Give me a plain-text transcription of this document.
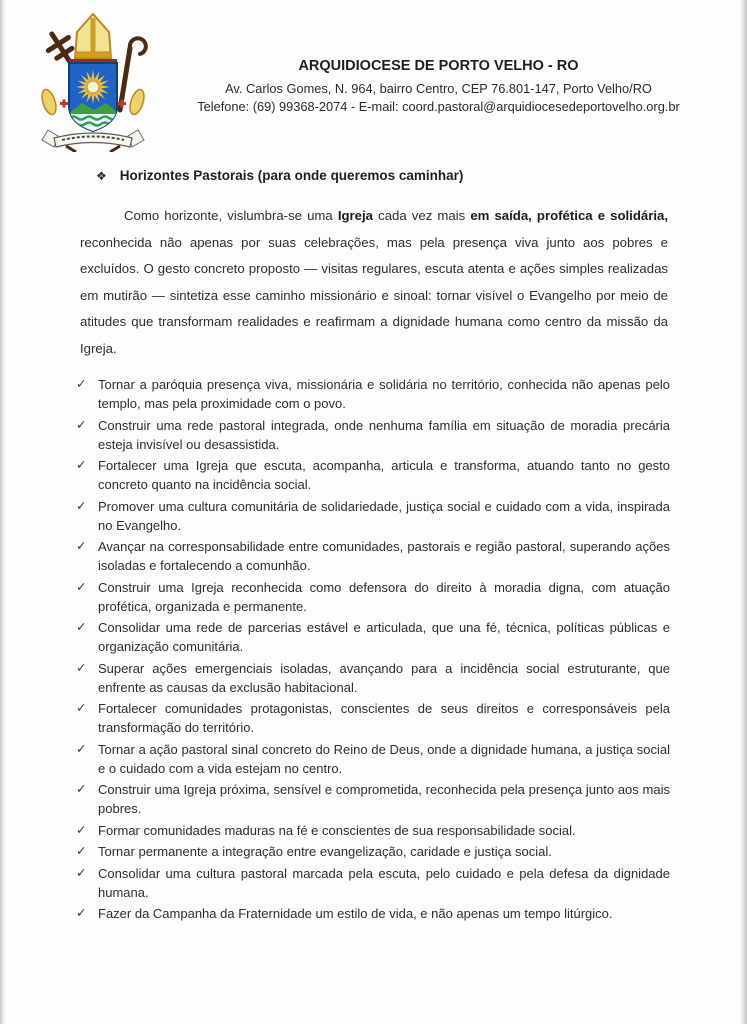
ARQUIDIOCESE DE PORTO VELHO - RO
Av. Carlos Gomes, N. 964, bairro Centro, CEP 76.801-147, Porto Velho/RO
Telefone: (69) 99368-2074 - E-mail: coord.pastoral@arquidiocesedeportovelho.org.br
❖ Horizontes Pastorais (para onde queremos caminhar)

Como horizonte, vislumbra-se uma Igreja cada vez mais em saída, profética e solidária, reconhecida não apenas por suas celebrações, mas pela presença viva junto aos pobres e excluídos. O gesto concreto proposto — visitas regulares, escuta atenta e ações simples realizadas em mutirão — sintetiza esse caminho missionário e sinoal: tornar visível o Evangelho por meio de atitudes que transformam realidades e reafirmam a dignidade humana como centro da missão da Igreja.

✓ Tornar a paróquia presença viva, missionária e solidária no território, conhecida não apenas pelo templo, mas pela proximidade com o povo.
✓ Construir uma rede pastoral integrada, onde nenhuma família em situação de moradia precária esteja invisível ou desassistida.
✓ Fortalecer uma Igreja que escuta, acompanha, articula e transforma, atuando tanto no gesto concreto quanto na incidência social.
✓ Promover uma cultura comunitária de solidariedade, justiça social e cuidado com a vida, inspirada no Evangelho.
✓ Avançar na corresponsabilidade entre comunidades, pastorais e região pastoral, superando ações isoladas e fortalecendo a comunhão.
✓ Construir uma Igreja reconhecida como defensora do direito à moradia digna, com atuação profética, organizada e permanente.
✓ Consolidar uma rede de parcerias estável e articulada, que una fé, técnica, políticas públicas e organização comunitária.
✓ Superar ações emergenciais isoladas, avançando para a incidência social estruturante, que enfrente as causas da exclusão habitacional.
✓ Fortalecer comunidades protagonistas, conscientes de seus direitos e corresponsáveis pela transformação do território.
✓ Tornar a ação pastoral sinal concreto do Reino de Deus, onde a dignidade humana, a justiça social e o cuidado com a vida estejam no centro.
✓ Construir uma Igreja próxima, sensível e comprometida, reconhecida pela presença junto aos mais pobres.
✓ Formar comunidades maduras na fé e conscientes de sua responsabilidade social.
✓ Tornar permanente a integração entre evangelização, caridade e justiça social.
✓ Consolidar uma cultura pastoral marcada pela escuta, pelo cuidado e pela defesa da dignidade humana.
✓ Fazer da Campanha da Fraternidade um estilo de vida, e não apenas um tempo litúrgico.
